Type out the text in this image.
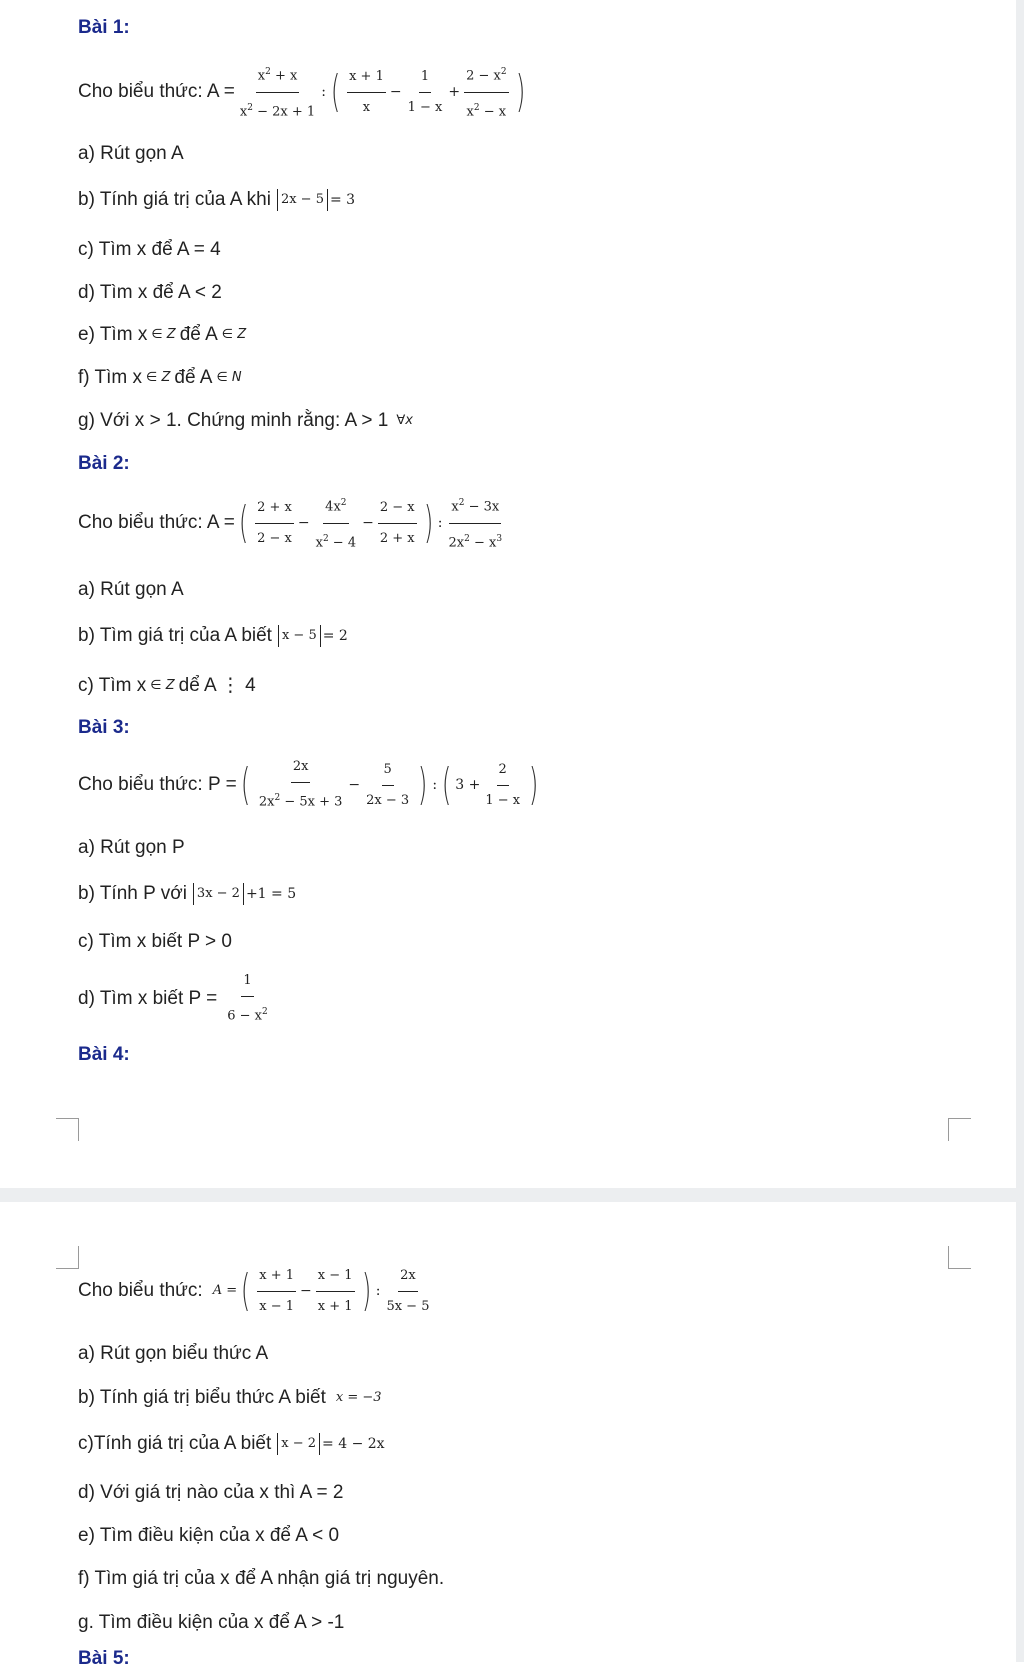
Bài 1:
Cho biểu thức: $A = \frac{x^2 + x}{x^2 - 2x + 1}$ : ( $\frac{x + 1}{x} - \frac{1}{1 - x} + \frac{2 - x^2}{x^2 - x}$ )
a) Rút gọn A
b) Tính giá trị của A khi 2x − 5 = 3
c) Tìm x để A = 4
d) Tìm x để A < 2
e) Tìm x ∈ Z để A ∈ Z
f) Tìm x ∈ Z để A ∈ N
g) Với x > 1. Chứng minh rằng: A > 1 ∀x
Bài 2:
Cho biểu thức: A = ( $\frac{2 + x}{2 - x} - \frac{4x^2}{x^2 - 4} - \frac{2 - x}{2 + x}$ ) : $\frac{x^2 - 3x}{2x^2 - x^3}$
a) Rút gọn A
b) Tìm giá trị của A biết x − 5 = 2
c) Tìm x ∈ Z dể A ⋮ 4
Bài 3:
Cho biểu thức: P = ( $\frac{2x}{2x^2 - 5x + 3} - \frac{5}{2x - 3}$ ) : ( $3 + \frac{2}{1 - x}$ )
a) Rút gọn P
b) Tính P với 3x − 2 +1 = 5
c) Tìm x biết P > 0
d) Tìm x biết $P = \frac{1}{6 - x^2}$
Bài 4:
Cho biểu thức: A = ( $\frac{x + 1}{x - 1} - \frac{x - 1}{x + 1}$ ) : $\frac{2x}{5x - 5}$
a) Rút gọn biểu thức A
b) Tính giá trị biểu thức A biết x = −3
c)Tính giá trị của A biết x − 2 = 4 − 2x
d) Với giá trị nào của x thì A = 2
e) Tìm điều kiện của x để A < 0
f) Tìm giá trị của x để A nhận giá trị nguyên.
g. Tìm điều kiện của x để A > -1
Bài 5:
